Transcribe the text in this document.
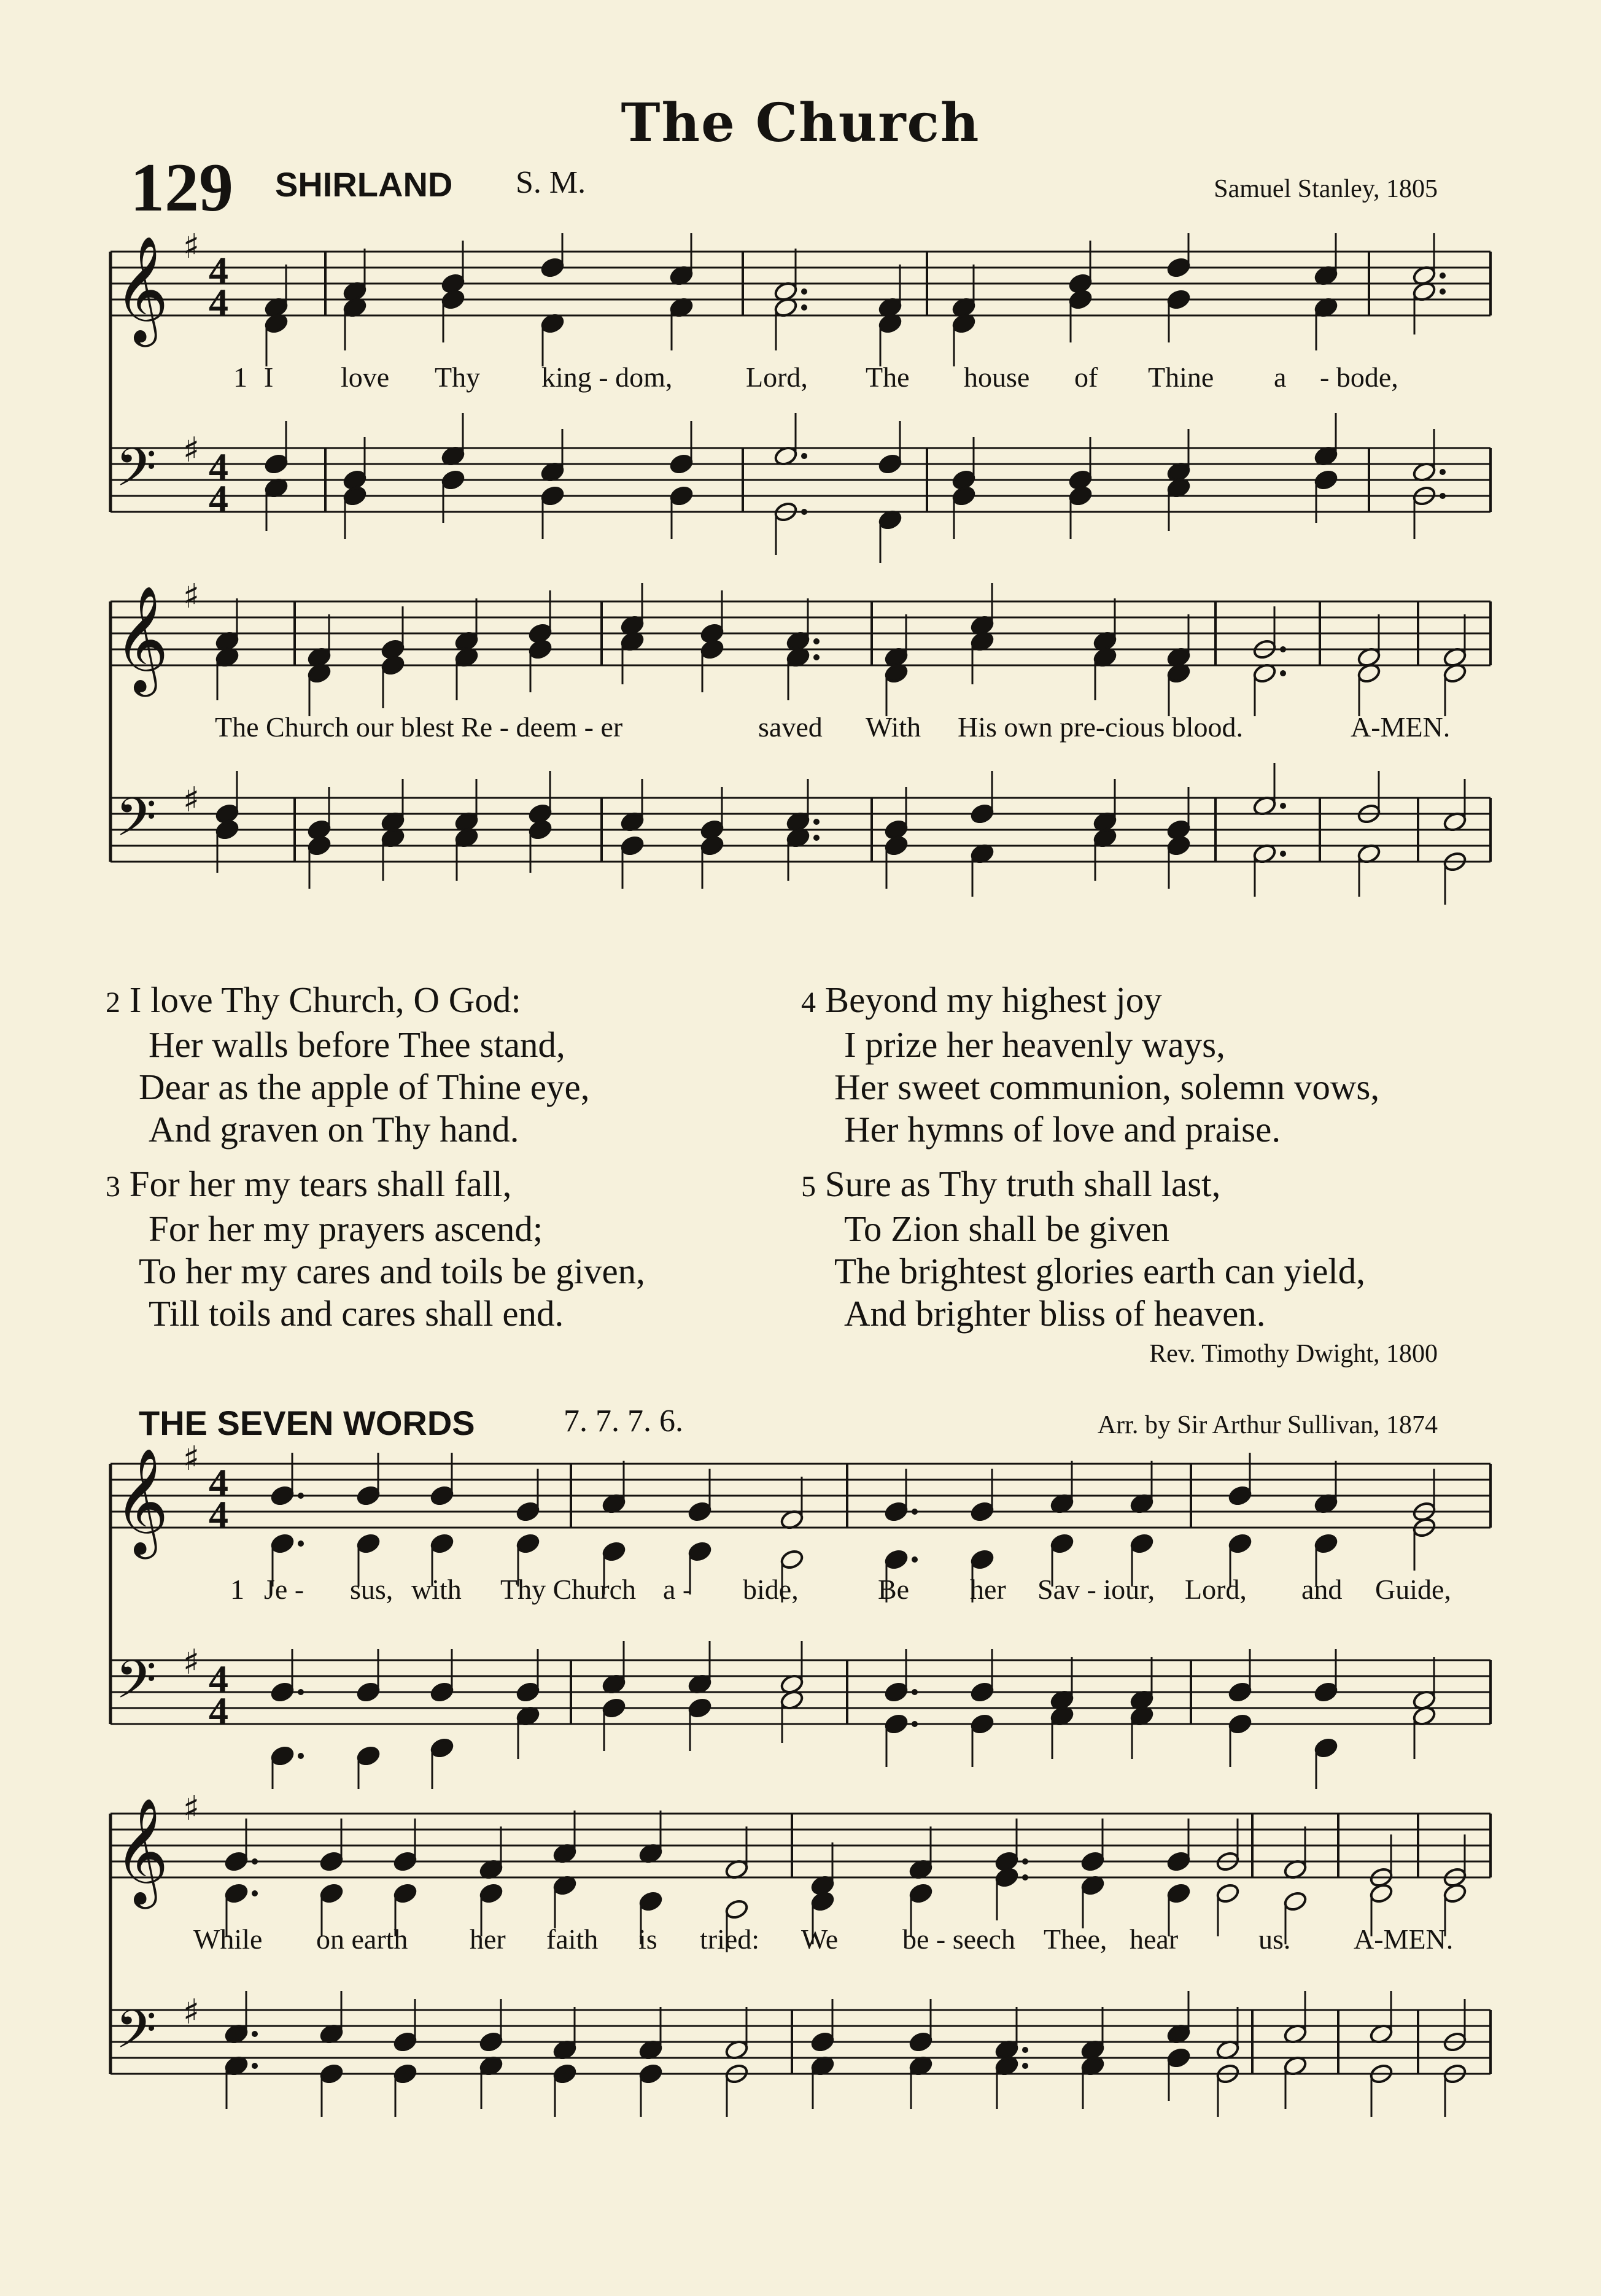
The Church
129 SHIRLAND S. M.	Samuel Stanley, 1805
𝄞 ♯
𝄢 ♯
4
4
4
4
1 I love Thy king - dom,	Lord, The house of Thine a - bode,
𝄞 ♯
𝄢 ♯
The Church our blest Re - deem - er	saved With His own pre-cious blood.	A-MEN.
2 I love Thy Church, O God:
Her walls before Thee stand,
Dear as the apple of Thine eye,
And graven on Thy hand.
3 For her my tears shall fall,
For her my prayers ascend;
To her my cares and toils be given,
Till toils and cares shall end.
4 Beyond my highest joy
I prize her heavenly ways,
Her sweet communion, solemn vows,
Her hymns of love and praise.
5 Sure as Thy truth shall last,
To Zion shall be given
The brightest glories earth can yield,
And brighter bliss of heaven.
Rev. Timothy Dwight, 1800
THE SEVEN WORDS	7. 7. 7. 6.	Arr. by Sir Arthur Sullivan, 1874
𝄞 ♯
𝄢 ♯
4
4
4
4
1 Je - sus, with Thy Church a - bide,	Be her Sav - iour, Lord, and Guide,
𝄞 ♯
𝄢 ♯
While on earth her faith is tried: We be - seech Thee, hear	us. A-MEN.
